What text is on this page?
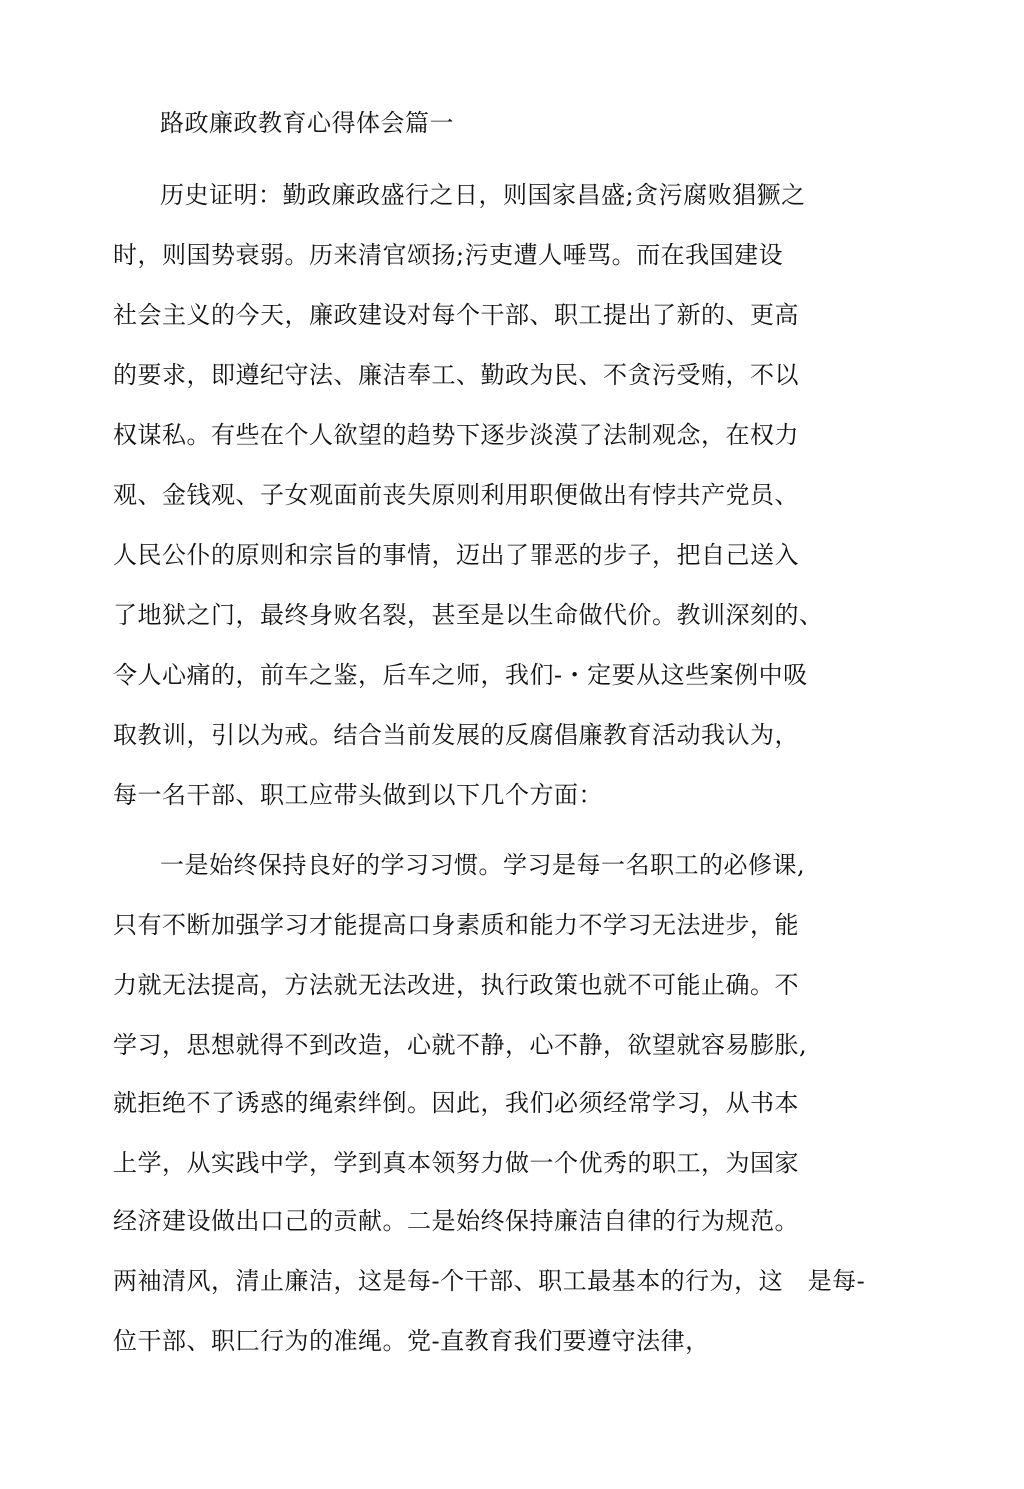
路政廉政教育心得体会篇一
历史证明：勤政廉政盛行之日，则国家昌盛;贪污腐败猖獗之
时，则国势衰弱。历来清官颂扬;污吏遭人唾骂。而在我国建设
社会主义的今天，廉政建设对每个干部、职工提出了新的、更高
的要求，即遵纪守法、廉洁奉工、勤政为民、不贪污受贿，不以
权谋私。有些在个人欲望的趋势下逐步淡漠了法制观念，在权力
观、金钱观、子女观面前丧失原则利用职便做出有悖共产党员、
人民公仆的原则和宗旨的事情，迈出了罪恶的步子，把自己送入
了地狱之门，最终身败名裂，甚至是以生命做代价。教训深刻的、
令人心痛的，前车之鉴，后车之师，我们-・定要从这些案例中吸
取教训，引以为戒。结合当前发展的反腐倡廉教育活动我认为，
每一名干部、职工应带头做到以下几个方面：
一是始终保持良好的学习习惯。学习是每一名职工的必修课,
只有不断加强学习才能提高口身素质和能力不学习无法进步，能
力就无法提高，方法就无法改进，执行政策也就不可能止确。不
学习，思想就得不到改造，心就不静，心不静，欲望就容易膨胀,
就拒绝不了诱惑的绳索绊倒。因此，我们必须经常学习，从书本
上学，从实践中学，学到真本领努力做一个优秀的职工，为国家
经济建设做出口己的贡献。二是始终保持廉洁自律的行为规范。
两袖清风，清止廉洁，这是每-个干部、职工最基本的行为，这　是每-
位干部、职匚行为的准绳。党-直教育我们要遵守法律，
